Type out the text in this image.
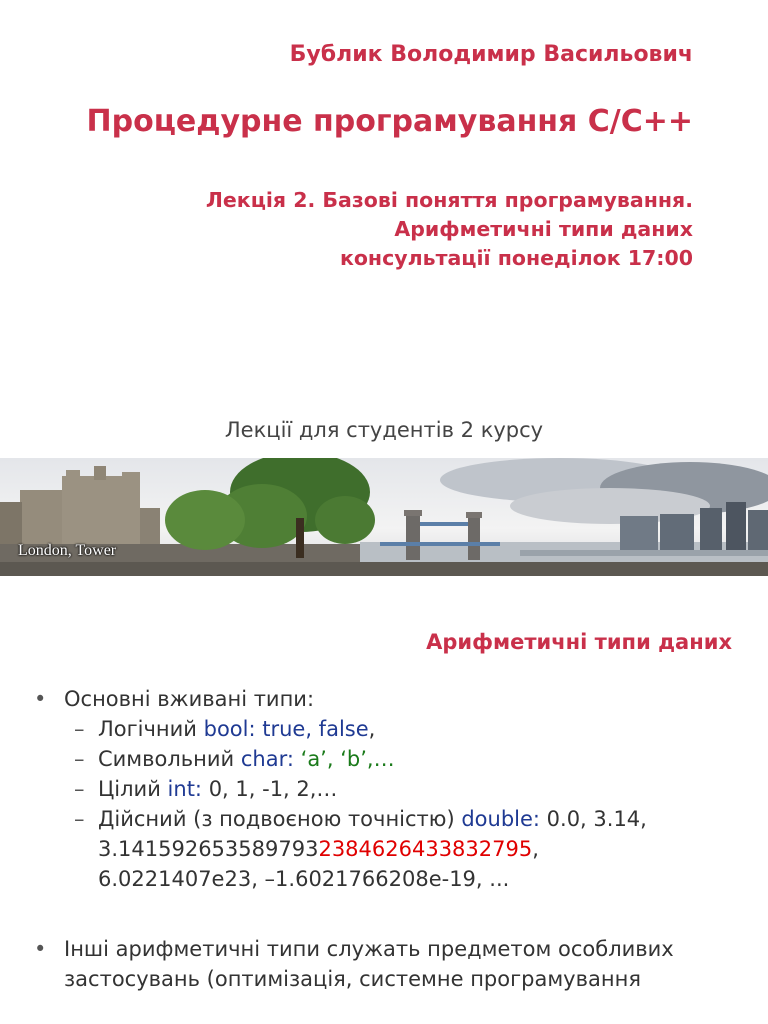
Бублик Володимир Васильович
Процедурне програмування C/C++
Лекція 2. Базові поняття програмування.
Арифметичні типи даних
консультації понеділок 17:00
Лекції для студентів 2 курсу
London, Tower
Арифметичні типи даних
• Основні вживані типи:
– Логічний bool: true, false,
– Символьний char: ‘a’, ‘b’,…
– Цілий int: 0, 1, -1, 2,…
– Дійсний (з подвоєною точністю) double: 0.0, 3.14,
3.1415926535897932384626433832795,
6.0221407e23, –1.6021766208e-19, ...
• Інші арифметичні типи служать предметом особливих
застосувань (оптимізація, системне програмування
